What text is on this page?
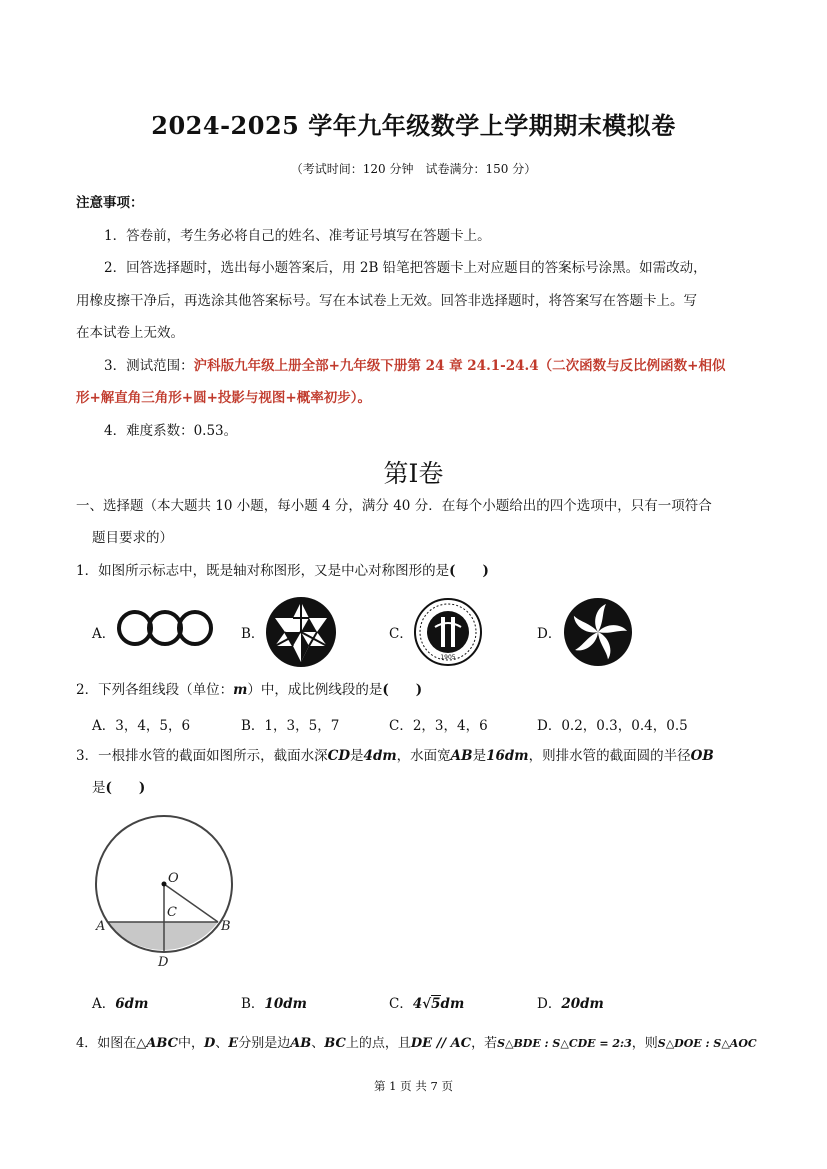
2024-2025 学年九年级数学上学期期末模拟卷
（考试时间：120 分钟　试卷满分：150 分）
注意事项：
1．答卷前，考生务必将自己的姓名、准考证号填写在答题卡上。
2．回答选择题时，选出每小题答案后，用 2B 铅笔把答题卡上对应题目的答案标号涂黑。如需改动，
用橡皮擦干净后，再选涂其他答案标号。写在本试卷上无效。回答非选择题时，将答案写在答题卡上。写
在本试卷上无效。
3．测试范围：沪科版九年级上册全部+九年级下册第 24 章 24.1-24.4（二次函数与反比例函数+相似
形+解直角三角形+圆+投影与视图+概率初步）。
4．难度系数：0.53。
第Ⅰ卷
一、选择题（本大题共 10 小题，每小题 4 分，满分 40 分．在每个小题给出的四个选项中，只有一项符合
题目要求的）
1．如图所示标志中，既是轴对称图形，又是中心对称图形的是(　　)
A．	B．	C．
1905
D．
2．下列各组线段（单位：m）中，成比例线段的是(　　)
A．3，4，5，6	B．1，3，5，7	C．2，3，4，6	D．0.2，0.3，0.4，0.5
3．一根排水管的截面如图所示，截面水深CD是4dm，水面宽AB是16dm，则排水管的截面圆的半径OB
是(　　)
O
C
A	B
D
A．6dm	B．10dm	C．4√5dm	D．20dm
4．如图在△ABC中，D、E分别是边AB、BC上的点，且DE // AC，若S△BDE : S△CDE = 2:3，则S△DOE : S△AOC
第 1 页 共 7 页
